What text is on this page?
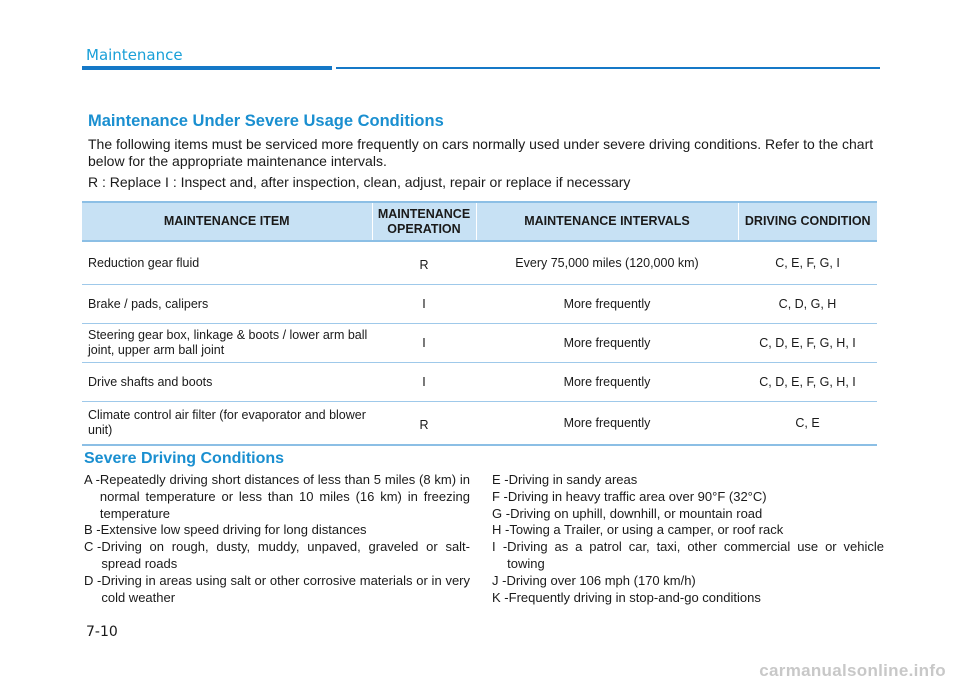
Maintenance
Maintenance Under Severe Usage Conditions
The following items must be serviced more frequently on cars normally used under severe driving conditions. Refer to the chart below for the appropriate maintenance intervals.
R : Replace I : Inspect and, after inspection, clean, adjust, repair or replace if necessary
MAINTENANCE ITEM	MAINTENANCE OPERATION	MAINTENANCE INTERVALS	DRIVING CONDITION
Reduction gear fluid	R	Every 75,000 miles (120,000 km)	C, E, F, G, I
Brake / pads, calipers	I	More frequently	C, D, G, H
Steering gear box, linkage & boots / lower arm ball joint, upper arm ball joint	I	More frequently	C, D, E, F, G, H, I
Drive shafts and boots	I	More frequently	C, D, E, F, G, H, I
Climate control air filter (for evaporator and blower unit)	R	More frequently	C, E
Severe Driving Conditions
A - Repeatedly driving short distances of less than 5 miles (8 km) in normal temperature or less than 10 miles (16 km) in freezing temperature
B - Extensive low speed driving for long distances
C - Driving on rough, dusty, muddy, unpaved, graveled or salt-spread roads
D - Driving in areas using salt or other corrosive materials or in very cold weather
E - Driving in sandy areas
F - Driving in heavy traffic area over 90°F (32°C)
G - Driving on uphill, downhill, or mountain road
H - Towing a Trailer, or using a camper, or roof rack
I  - Driving as a patrol car, taxi, other commercial use or vehicle towing
J - Driving over 106 mph (170 km/h)
K - Frequently driving in stop-and-go conditions
7-10
carmanualsonline.info
